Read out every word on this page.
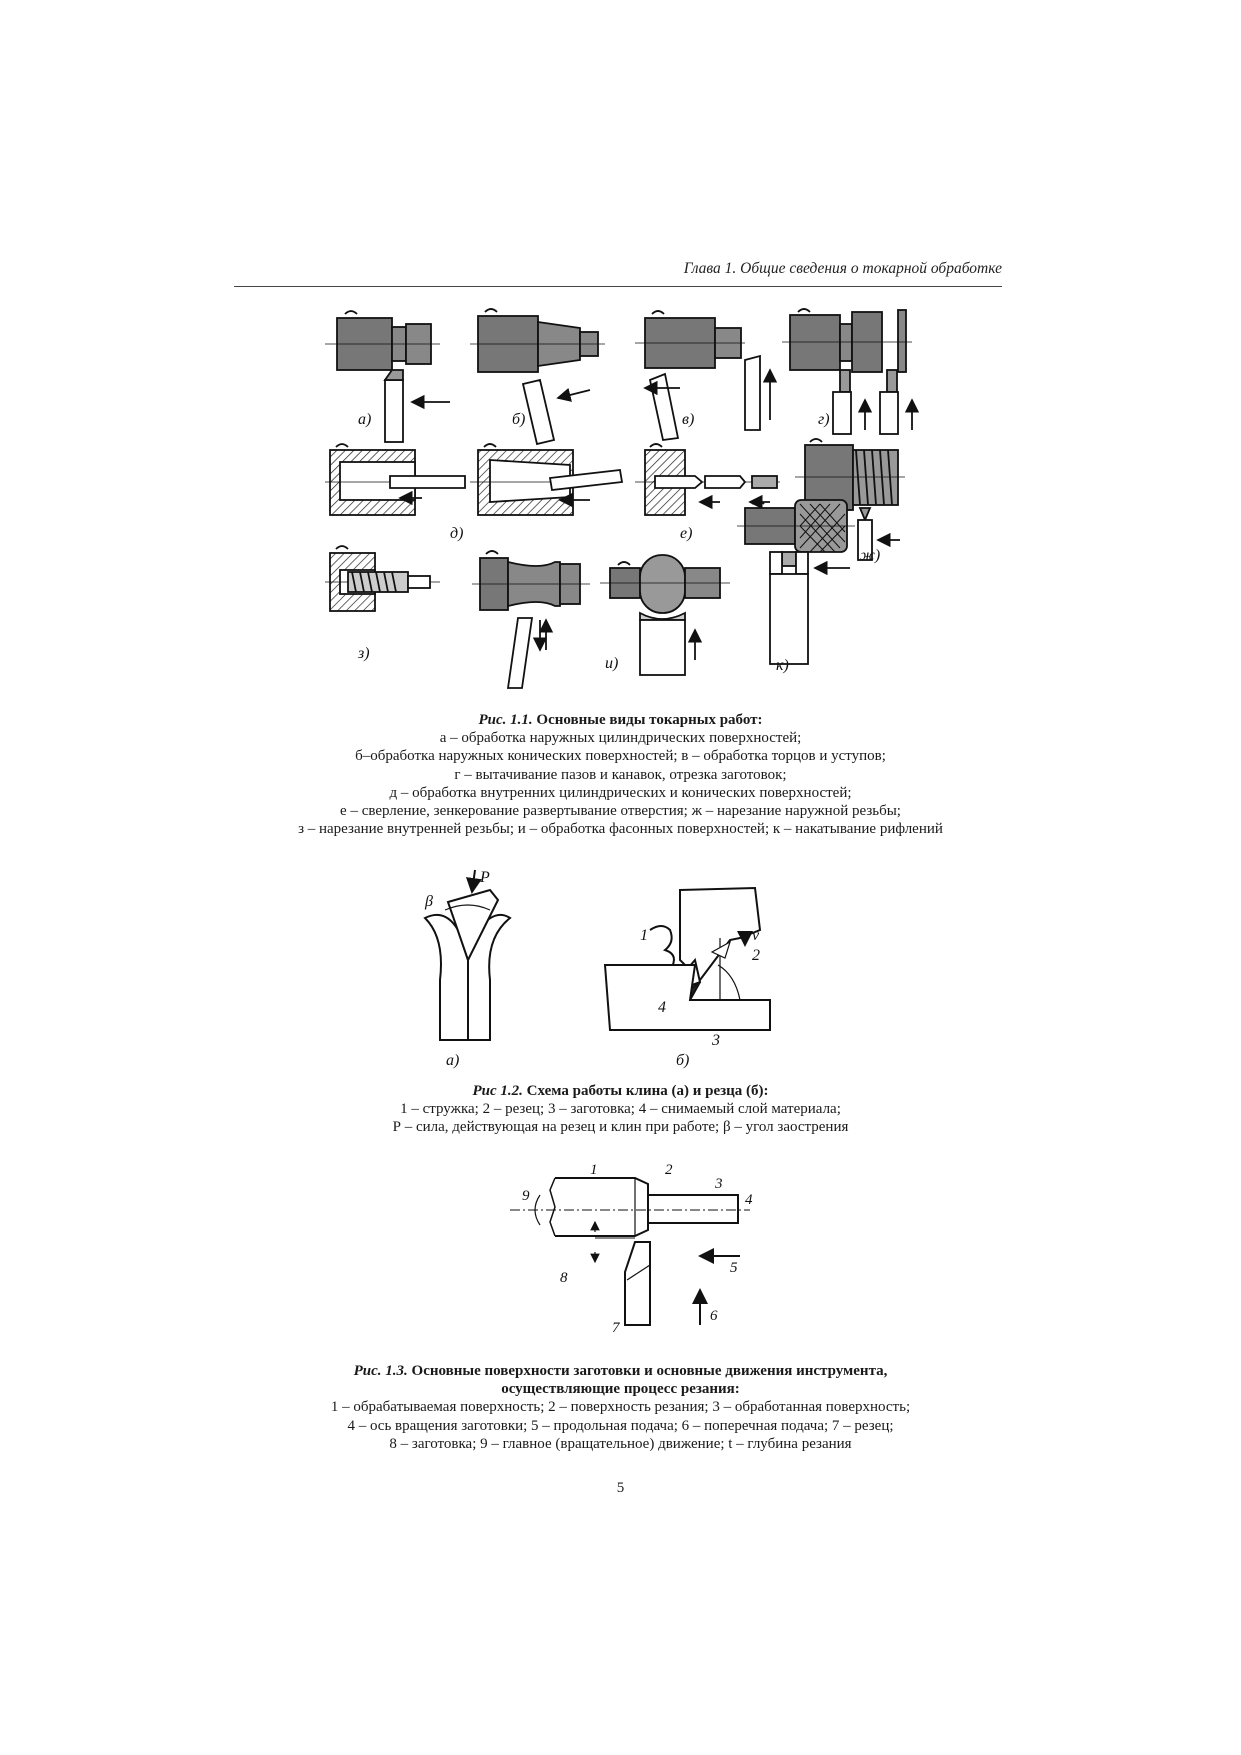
Глава 1. Общие сведения о токарной обработке
а)	б)	в)	г)
д)	е)
ж)
з)
и)	к)
Рис. 1.1. Основные виды токарных работ:
а – обработка наружных цилиндрических поверхностей;
б–обработка наружных конических поверхностей; в – обработка торцов и уступов;
г – вытачивание пазов и канавок, отрезка заготовок;
д – обработка внутренних цилиндрических и конических поверхностей;
е – сверление, зенкерование развертывание отверстия; ж – нарезание наружной резьбы;
з – нарезание внутренней резьбы; и – обработка фасонных поверхностей; к – накатывание рифлений
P
β
1
2
3
4
v
а)	б)
Рис 1.2. Схема работы клина (а) и резца (б):
1 – стружка; 2 – резец; 3 – заготовка; 4 – снимаемый слой материала;
Р – сила, действующая на резец и клин при работе; β – угол заострения
1	2
3
4
5
6
7
8
9
Рис. 1.3. Основные поверхности заготовки и основные движения инструмента,
осуществляющие процесс резания:
1 – обрабатываемая поверхность; 2 – поверхность резания; 3 – обработанная поверхность;
4 – ось вращения заготовки; 5 – продольная подача; 6 – поперечная подача; 7 – резец;
8 – заготовка; 9 – главное (вращательное) движение; t – глубина резания
5
